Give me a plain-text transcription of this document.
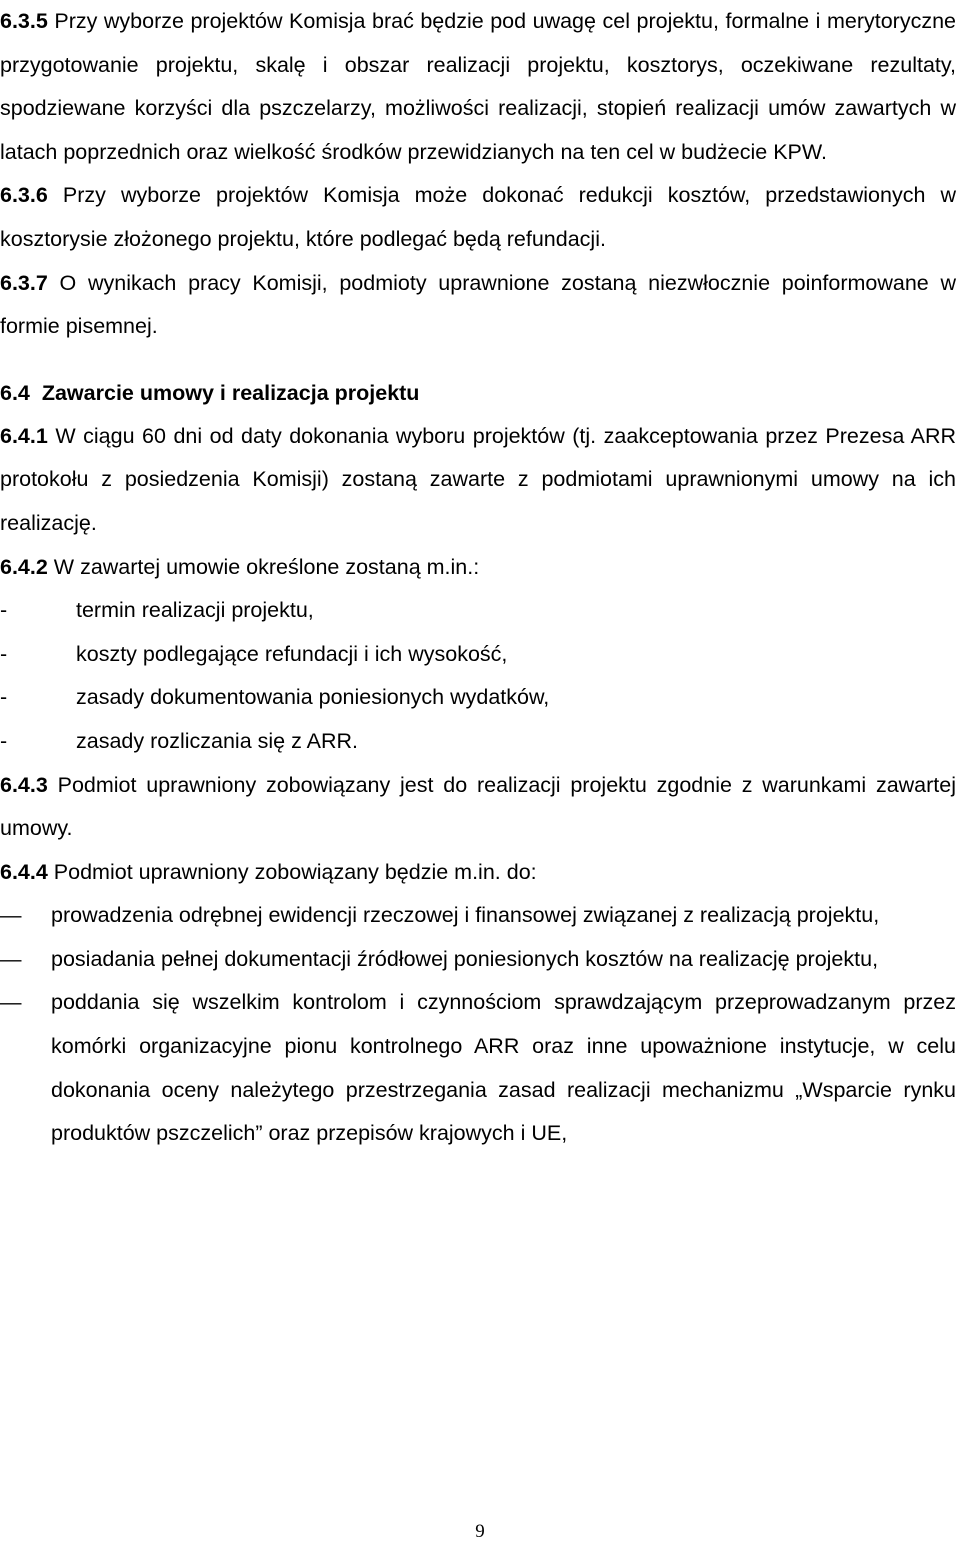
6.3.5 Przy wyborze projektów Komisja brać będzie pod uwagę cel projektu, formalne i merytoryczne przygotowanie projektu, skalę i obszar realizacji projektu, kosztorys, oczekiwane rezultaty, spodziewane korzyści dla pszczelarzy, możliwości realizacji, stopień realizacji umów zawartych w latach poprzednich oraz wielkość środków przewidzianych na ten cel w budżecie KPW.

6.3.6 Przy wyborze projektów Komisja może dokonać redukcji kosztów, przedstawionych w kosztorysie złożonego projektu, które podlegać będą refundacji.

6.3.7 O wynikach pracy Komisji, podmioty uprawnione zostaną niezwłocznie poinformowane w formie pisemnej.

6.4 Zawarcie umowy i realizacja projektu

6.4.1 W ciągu 60 dni od daty dokonania wyboru projektów (tj. zaakceptowania przez Prezesa ARR protokołu z posiedzenia Komisji) zostaną zawarte z podmiotami uprawnionymi umowy na ich realizację.

6.4.2 W zawartej umowie określone zostaną m.in.:

-	termin realizacji projektu,
-	koszty podlegające refundacji i ich wysokość,
-	zasady dokumentowania poniesionych wydatków,
-	zasady rozliczania się z ARR.

6.4.3 Podmiot uprawniony zobowiązany jest do realizacji projektu zgodnie z warunkami zawartej umowy.

6.4.4 Podmiot uprawniony zobowiązany będzie m.in. do:

— prowadzenia odrębnej ewidencji rzeczowej i finansowej związanej z realizacją projektu,
— posiadania pełnej dokumentacji źródłowej poniesionych kosztów na realizację projektu,
— poddania się wszelkim kontrolom i czynnościom sprawdzającym przeprowadzanym przez komórki organizacyjne pionu kontrolnego ARR oraz inne upoważnione instytucje, w celu dokonania oceny należytego przestrzegania zasad realizacji mechanizmu „Wsparcie rynku produktów pszczelich” oraz przepisów krajowych i UE,
9
